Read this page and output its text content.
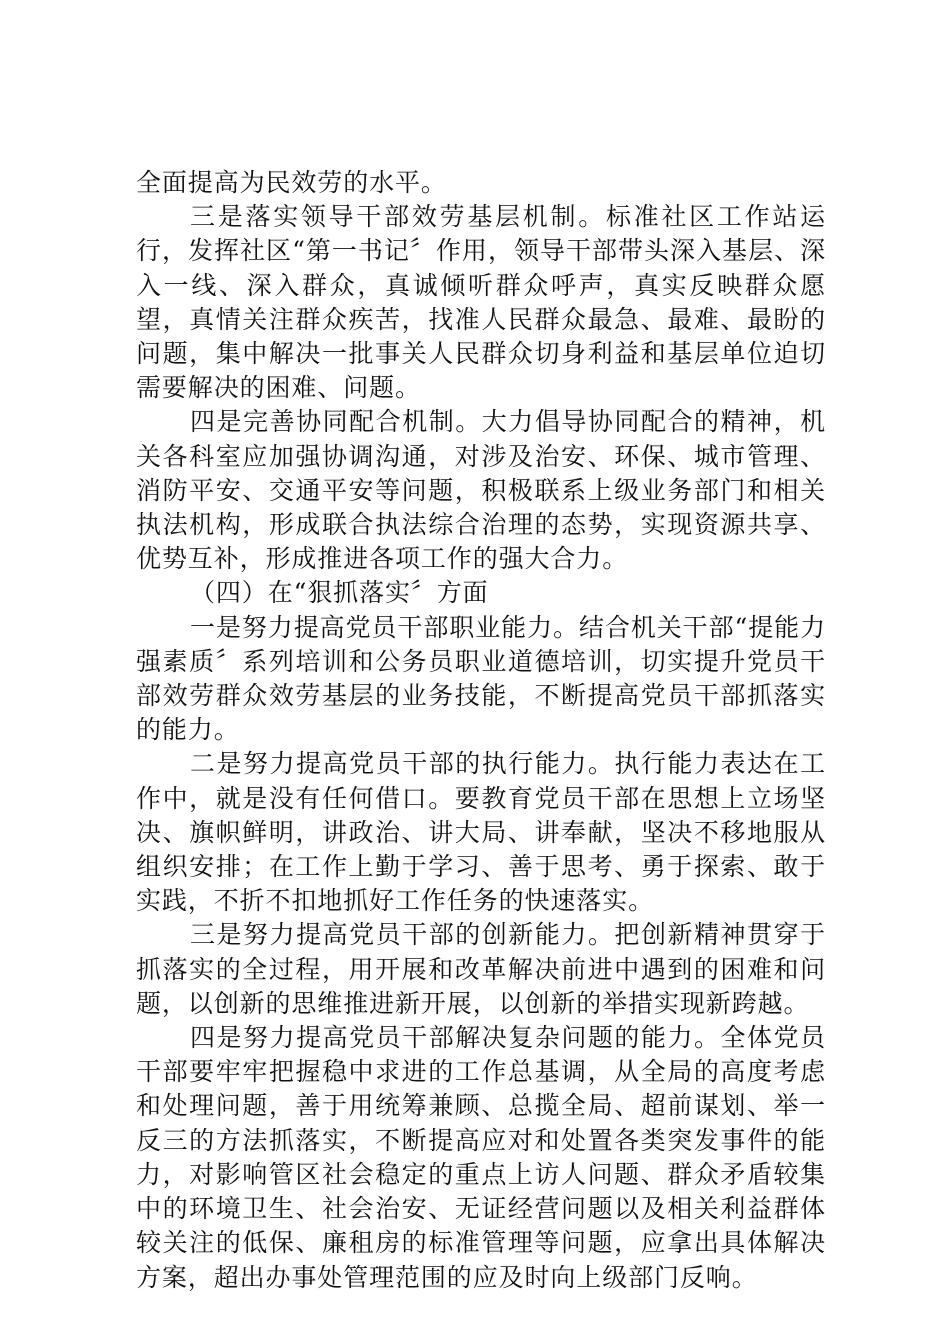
全面提高为民效劳的水平。

三是落实领导干部效劳基层机制。标准社区工作站运行，发挥社区“第一书记〞作用，领导干部带头深入基层、深入一线、深入群众，真诚倾听群众呼声，真实反映群众愿望，真情关注群众疾苦，找准人民群众最急、最难、最盼的问题，集中解决一批事关人民群众切身利益和基层单位迫切需要解决的困难、问题。

四是完善协同配合机制。大力倡导协同配合的精神，机关各科室应加强协调沟通，对涉及治安、环保、城市管理、消防平安、交通平安等问题，积极联系上级业务部门和相关执法机构，形成联合执法综合治理的态势，实现资源共享、优势互补，形成推进各项工作的强大合力。

（四）在“狠抓落实〞方面

一是努力提高党员干部职业能力。结合机关干部“提能力强素质〞系列培训和公务员职业道德培训，切实提升党员干部效劳群众效劳基层的业务技能，不断提高党员干部抓落实的能力。

二是努力提高党员干部的执行能力。执行能力表达在工作中，就是没有任何借口。要教育党员干部在思想上立场坚决、旗帜鲜明，讲政治、讲大局、讲奉献，坚决不移地服从组织安排；在工作上勤于学习、善于思考、勇于探索、敢于实践，不折不扣地抓好工作任务的快速落实。

三是努力提高党员干部的创新能力。把创新精神贯穿于抓落实的全过程，用开展和改革解决前进中遇到的困难和问题，以创新的思维推进新开展，以创新的举措实现新跨越。

四是努力提高党员干部解决复杂问题的能力。全体党员干部要牢牢把握稳中求进的工作总基调，从全局的高度考虑和处理问题，善于用统筹兼顾、总揽全局、超前谋划、举一反三的方法抓落实，不断提高应对和处置各类突发事件的能力，对影响管区社会稳定的重点上访人问题、群众矛盾较集中的环境卫生、社会治安、无证经营问题以及相关利益群体较关注的低保、廉租房的标准管理等问题，应拿出具体解决方案，超出办事处管理范围的应及时向上级部门反响。
